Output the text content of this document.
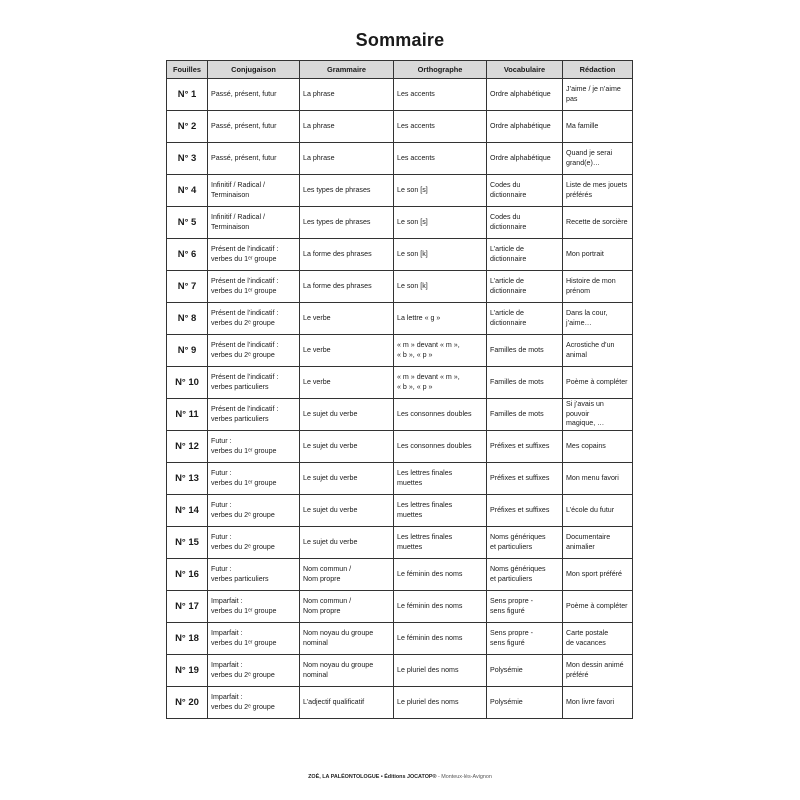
Sommaire
Fouilles	Conjugaison	Grammaire	Orthographe	Vocabulaire	Rédaction
N° 1	Passé, présent, futur	La phrase	Les accents	Ordre alphabétique	J’aime / je n’aime pas
N° 2	Passé, présent, futur	La phrase	Les accents	Ordre alphabétique	Ma famille
N° 3	Passé, présent, futur	La phrase	Les accents	Ordre alphabétique	Quand je serai
grand(e)…
N° 4	Infinitif / Radical /
Terminaison	Les types de phrases	Le son [s]	Codes du
dictionnaire	Liste de mes jouets
préférés
N° 5	Infinitif / Radical /
Terminaison	Les types de phrases	Le son [s]	Codes du
dictionnaire	Recette de sorcière
N° 6	Présent de l’indicatif :
verbes du 1ᵉʳ groupe	La forme des phrases	Le son [k]	L’article de
dictionnaire	Mon portrait
N° 7	Présent de l’indicatif :
verbes du 1ᵉʳ groupe	La forme des phrases	Le son [k]	L’article de
dictionnaire	Histoire de mon
prénom
N° 8	Présent de l’indicatif :
verbes du 2ᵉ groupe	Le verbe	La lettre « g »	L’article de
dictionnaire	Dans la cour, j’aime…
N° 9	Présent de l’indicatif :
verbes du 2ᵉ groupe	Le verbe	« m » devant « m »,
« b », « p »	Familles de mots	Acrostiche d’un animal
N° 10	Présent de l’indicatif :
verbes particuliers	Le verbe	« m » devant « m »,
« b », « p »	Familles de mots	Poème à compléter
N° 11	Présent de l’indicatif :
verbes particuliers	Le sujet du verbe	Les consonnes doubles	Familles de mots	Si j’avais un pouvoir
magique, …
N° 12	Futur :
verbes du 1ᵉʳ groupe	Le sujet du verbe	Les consonnes doubles	Préfixes et suffixes	Mes copains
N° 13	Futur :
verbes du 1ᵉʳ groupe	Le sujet du verbe	Les lettres finales
muettes	Préfixes et suffixes	Mon menu favori
N° 14	Futur :
verbes du 2ᵉ groupe	Le sujet du verbe	Les lettres finales
muettes	Préfixes et suffixes	L’école du futur
N° 15	Futur :
verbes du 2ᵉ groupe	Le sujet du verbe	Les lettres finales
muettes	Noms génériques
et particuliers	Documentaire
animalier
N° 16	Futur :
verbes particuliers	Nom commun /
Nom propre	Le féminin des noms	Noms génériques
et particuliers	Mon sport préféré
N° 17	Imparfait :
verbes du 1ᵉʳ groupe	Nom commun /
Nom propre	Le féminin des noms	Sens propre -
sens figuré	Poème à compléter
N° 18	Imparfait :
verbes du 1ᵉʳ groupe	Nom noyau du groupe
nominal	Le féminin des noms	Sens propre -
sens figuré	Carte postale
de vacances
N° 19	Imparfait :
verbes du 2ᵉ groupe	Nom noyau du groupe
nominal	Le pluriel des noms	Polysémie	Mon dessin animé
préféré
N° 20	Imparfait :
verbes du 2ᵉ groupe	L’adjectif qualificatif	Le pluriel des noms	Polysémie	Mon livre favori
ZOÉ, LA PALÉONTOLOGUE • Éditions JOCATOP® - Monteux-lès-Avignon
